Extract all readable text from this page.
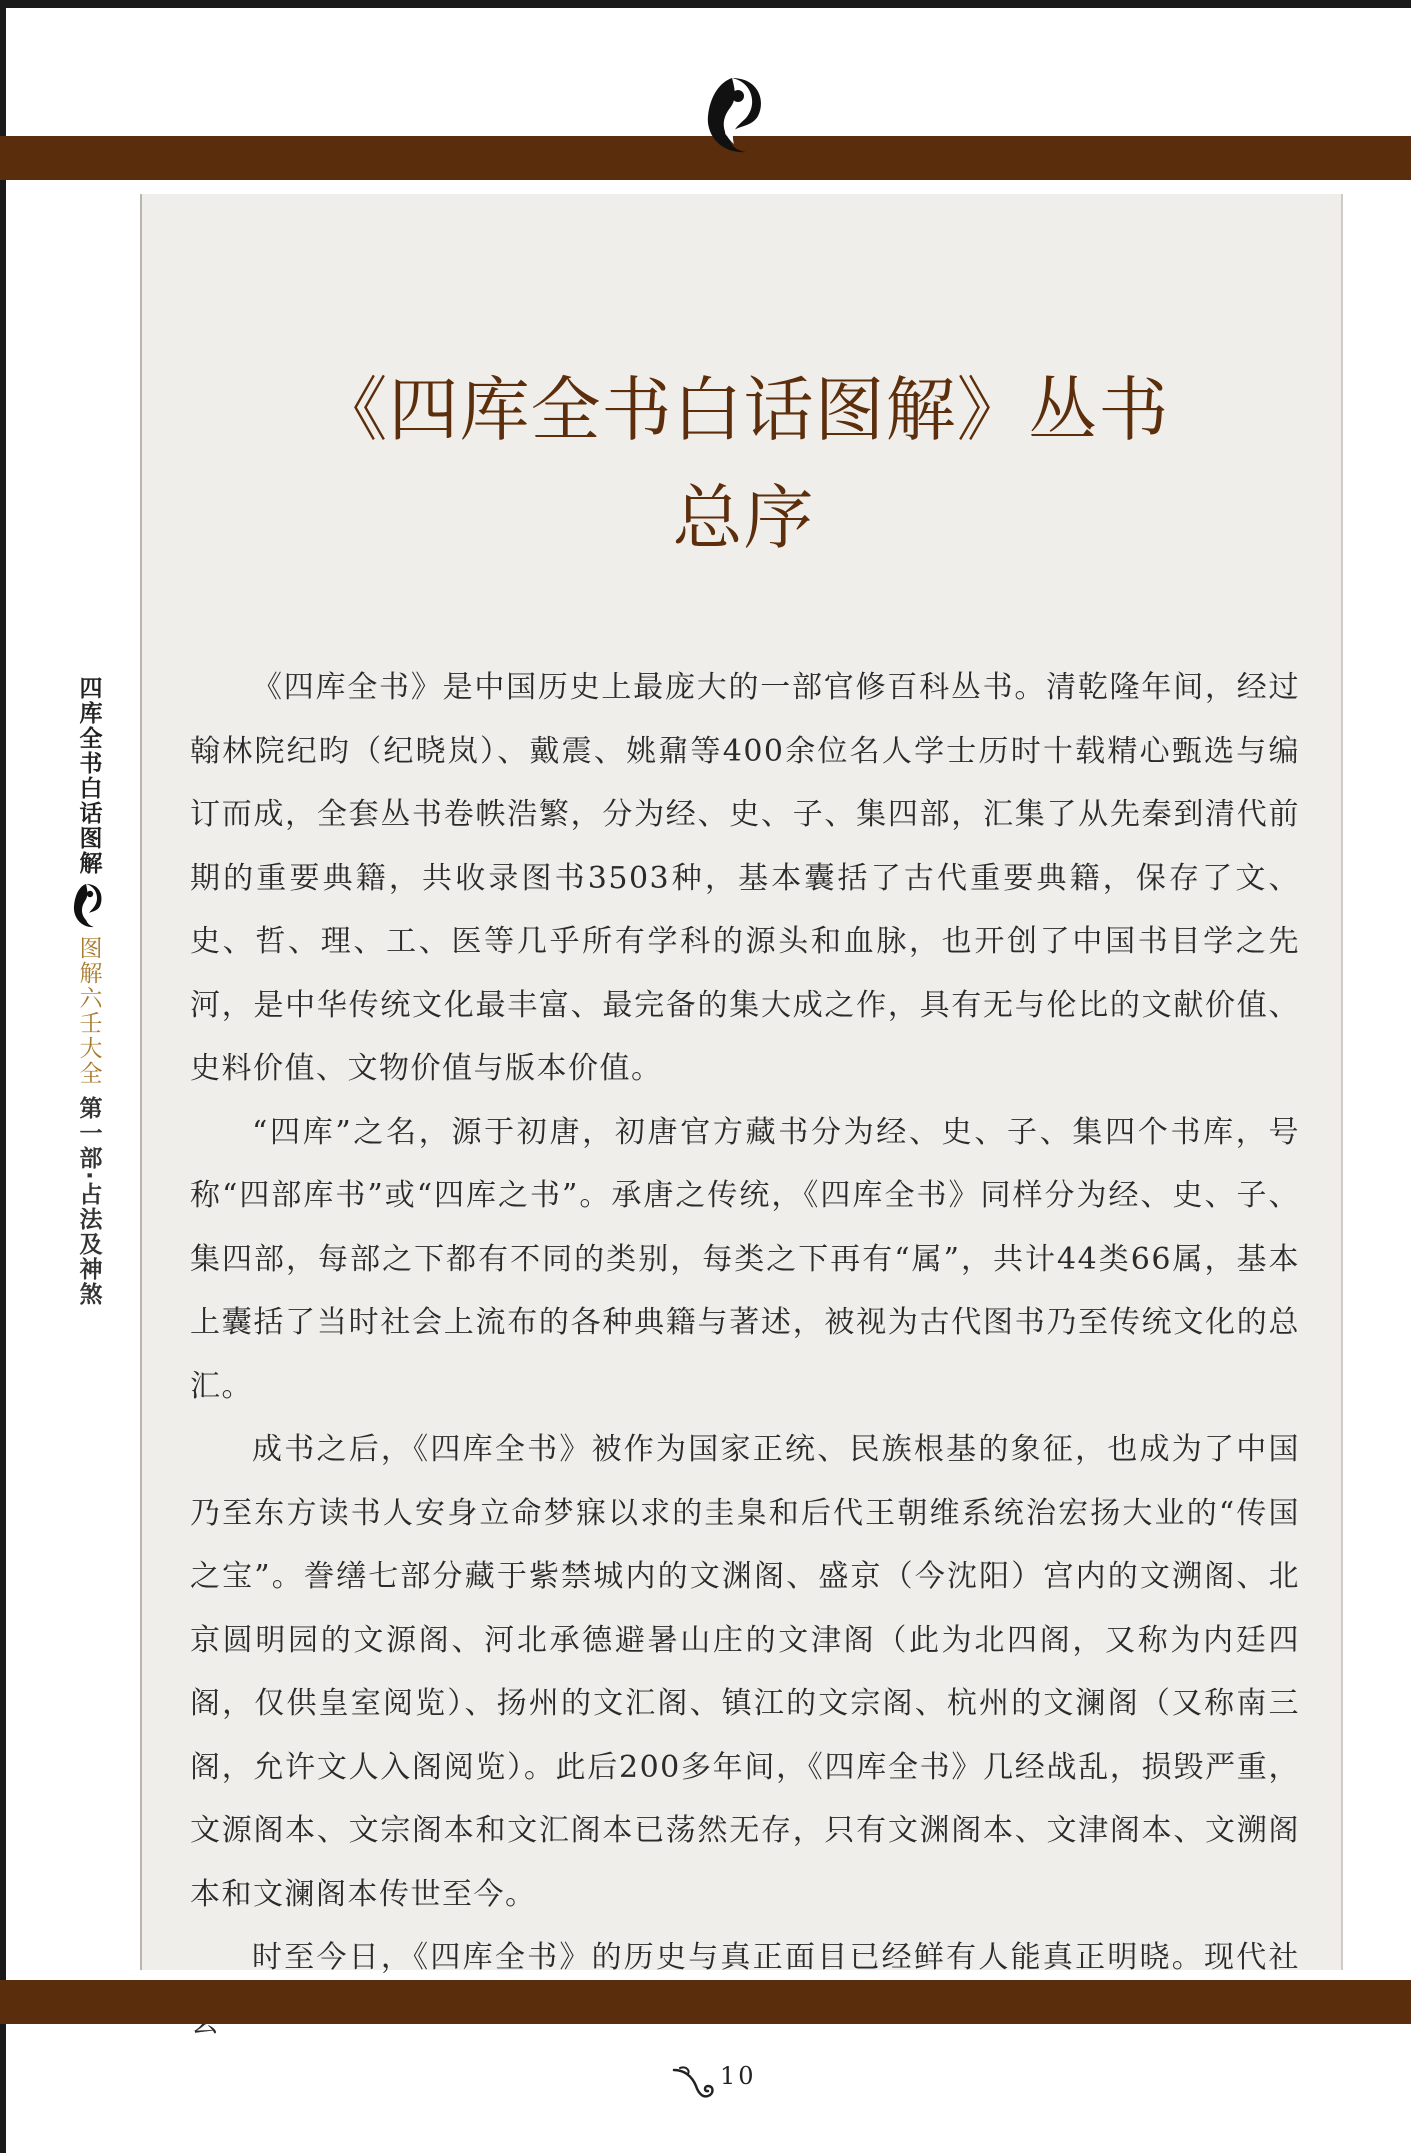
《四库全书白话图解》丛书
总序

《四库全书》是中国历史上最庞大的一部官修百科丛书。清乾隆年间，经过翰林院纪昀（纪晓岚）、戴震、姚鼐等400余位名人学士历时十载精心甄选与编订而成，全套丛书卷帙浩繁，分为经、史、子、集四部，汇集了从先秦到清代前期的重要典籍，共收录图书3503种，基本囊括了古代重要典籍，保存了文、史、哲、理、工、医等几乎所有学科的源头和血脉，也开创了中国书目学之先河，是中华传统文化最丰富、最完备的集大成之作，具有无与伦比的文献价值、史料价值、文物价值与版本价值。

“四库”之名，源于初唐，初唐官方藏书分为经、史、子、集四个书库，号称“四部库书”或“四库之书”。承唐之传统，《四库全书》同样分为经、史、子、集四部，每部之下都有不同的类别，每类之下再有“属”，共计44类66属，基本上囊括了当时社会上流布的各种典籍与著述，被视为古代图书乃至传统文化的总汇。

成书之后，《四库全书》被作为国家正统、民族根基的象征，也成为了中国乃至东方读书人安身立命梦寐以求的圭臬和后代王朝维系统治宏扬大业的“传国之宝”。誊缮七部分藏于紫禁城内的文渊阁、盛京（今沈阳）宫内的文溯阁、北京圆明园的文源阁、河北承德避暑山庄的文津阁（此为北四阁，又称为内廷四阁，仅供皇室阅览）、扬州的文汇阁、镇江的文宗阁、杭州的文澜阁（又称南三阁，允许文人入阁阅览）。此后200多年间，《四库全书》几经战乱，损毁严重，文源阁本、文宗阁本和文汇阁本已荡然无存，只有文渊阁本、文津阁本、文溯阁本和文澜阁本传世至今。

时至今日，《四库全书》的历史与真正面目已经鲜有人能真正明晓。现代社

四库全书白话图解
图解六壬大全
第一部·占法及神煞
10
